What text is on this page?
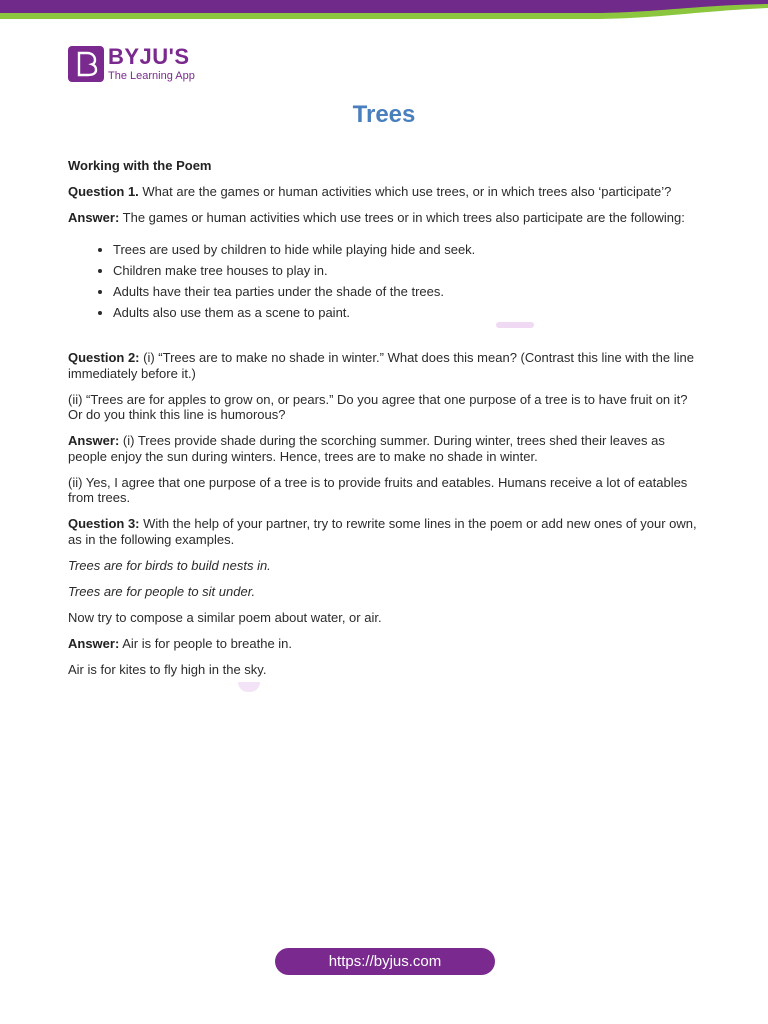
BYJU'S
The Learning App
Trees

Working with the Poem

Question 1. What are the games or human activities which use trees, or in which trees also ‘participate’?

Answer: The games or human activities which use trees or in which trees also participate are the following:

• Trees are used by children to hide while playing hide and seek.
• Children make tree houses to play in.
• Adults have their tea parties under the shade of the trees.
• Adults also use them as a scene to paint.

Question 2: (i) “Trees are to make no shade in winter.” What does this mean? (Contrast this line with the line immediately before it.)

(ii) “Trees are for apples to grow on, or pears.” Do you agree that one purpose of a tree is to have fruit on it? Or do you think this line is humorous?

Answer: (i) Trees provide shade during the scorching summer. During winter, trees shed their leaves as people enjoy the sun during winters. Hence, trees are to make no shade in winter.

(ii) Yes, I agree that one purpose of a tree is to provide fruits and eatables. Humans receive a lot of eatables from trees.

Question 3: With the help of your partner, try to rewrite some lines in the poem or add new ones of your own, as in the following examples.

Trees are for birds to build nests in.

Trees are for people to sit under.

Now try to compose a similar poem about water, or air.

Answer: Air is for people to breathe in.

Air is for kites to fly high in the sky.

https://byjus.com
